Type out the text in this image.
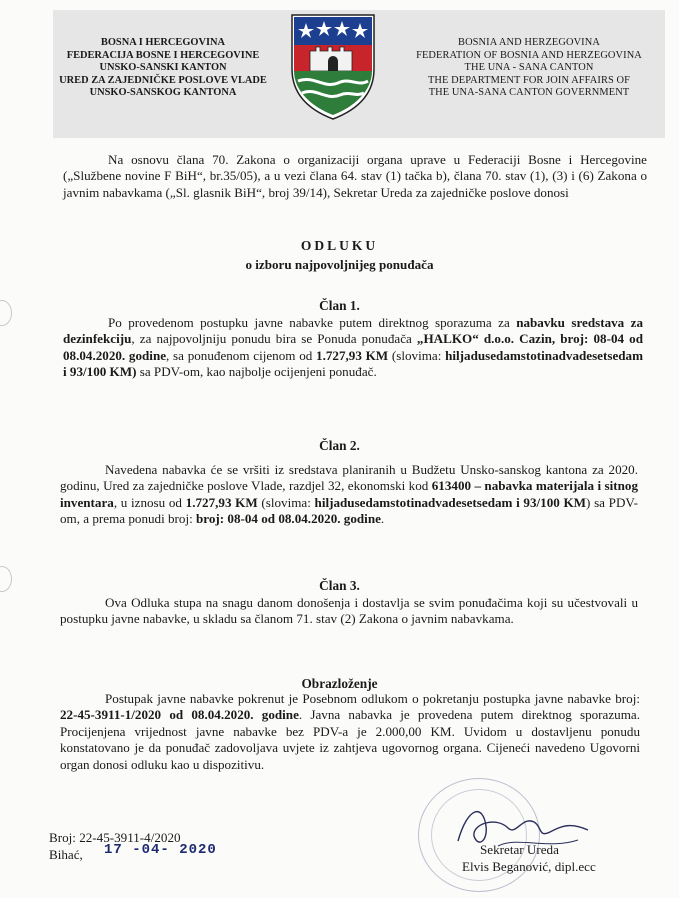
BOSNA I HERCEGOVINA
FEDERACIJA BOSNE I HERCEGOVINE
UNSKO-SANSKI KANTON
URED ZA ZAJEDNIČKE POSLOVE VLADE
UNSKO-SANSKOG KANTONA
BOSNIA AND HERZEGOVINA
FEDERATION OF BOSNIA AND HERZEGOVINA
THE UNA - SANA CANTON
THE DEPARTMENT FOR JOIN AFFAIRS OF
THE UNA-SANA CANTON GOVERNMENT

Na osnovu člana 70. Zakona o organizaciji organa uprave u Federaciji Bosne i Hercegovine („Službene novine F BiH“, br.35/05), a u vezi člana 64. stav (1) tačka b), člana 70. stav (1), (3) i (6) Zakona o javnim nabavkama („Sl. glasnik BiH“, broj 39/14), Sekretar Ureda za zajedničke poslove donosi

ODLUKU
o izboru najpovoljnijeg ponuđača
Član 1.

Po provedenom postupku javne nabavke putem direktnog sporazuma za nabavku sredstava za dezinfekciju, za najpovoljniju ponudu bira se Ponuda ponuđača „HALKO“ d.o.o. Cazin, broj: 08-04 od 08.04.2020. godine, sa ponuđenom cijenom od 1.727,93 KM (slovima: hiljadusedamstotinadvadesetsedam i 93/100 KM) sa PDV-om, kao najbolje ocijenjeni ponuđač.

Član 2.

Navedena nabavka će se vršiti iz sredstava planiranih u Budžetu Unsko-sanskog kantona za 2020. godinu, Ured za zajedničke poslove Vlade, razdjel 32, ekonomski kod 613400 – nabavka materijala i sitnog inventara, u iznosu od 1.727,93 KM (slovima: hiljadusedamstotinadvadesetsedam i 93/100 KM) sa PDV-om, a prema ponudi broj: broj: 08-04 od 08.04.2020. godine.

Član 3.

Ova Odluka stupa na snagu danom donošenja i dostavlja se svim ponuđačima koji su učestvovali u postupku javne nabavke, u skladu sa članom 71. stav (2) Zakona o javnim nabavkama.

Obrazloženje

Postupak javne nabavke pokrenut je Posebnom odlukom o pokretanju postupka javne nabavke broj: 22-45-3911-1/2020 od 08.04.2020. godine. Javna nabavka je provedena putem direktnog sporazuma. Procijenjena vrijednost javne nabavke bez PDV-a je 2.000,00 KM. Uvidom u dostavljenu ponudu konstatovano je da ponuđač zadovoljava uvjete iz zahtjeva ugovornog organa. Cijeneći navedeno Ugovorni organ donosi odluku kao u dispozitivu.

Broj: 22-45-3911-4/2020
Bihać,	17 -04- 2020	Sekretar Ureda
Elvis Beganović, dipl.ecc
